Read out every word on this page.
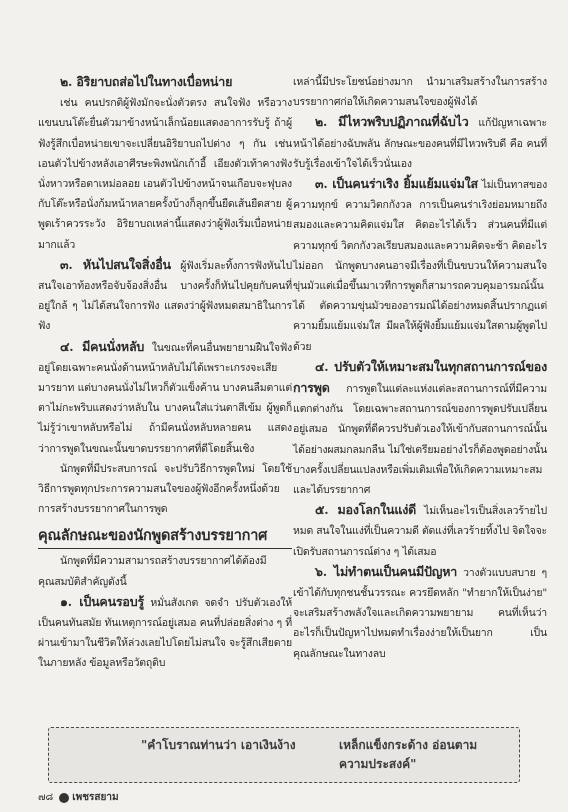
๒. อิริยาบถส่อไปในทางเบื่อหน่าย

เช่น คนปรกติผู้ฟังมักจะนั่งตัวตรง สนใจฟัง หรือวางแขนบนโต๊ะยื่นตัวมาข้างหน้าเล็กน้อยแสดงอาการรับรู้ ถ้าผู้ฟังรู้สึกเบื่อหน่ายเขาจะเปลี่ยนอิริยาบถไปต่าง ๆ กัน เช่น เอนตัวไปข้างหลังเอาศีรษะพิงพนักเก้าอี้ เอียงตัวเท้าคางฟัง นั่งหาวหรือตาเหม่อลอย เอนตัวไปข้างหน้าจนเกือบจะฟุบลงกับโต๊ะหรือนั่งก้มหน้าหลายครั้งบ้างก็ลุกขึ้นยืดเส้นยืดสาย ผู้พูดเร้าควรระวัง อิริยาบถเหล่านี้แสดงว่าผู้ฟังเริ่มเบื่อหน่ายมากแล้ว

๓. หันไปสนใจสิ่งอื่น ผู้ฟังเริ่มละทิ้งการฟังหันไปสนใจเอาท้องหรือจับจ้องสิ่งอื่น บางครั้งก็หันไปคุยกับคนที่อยู่ใกล้ ๆ ไม่ได้สนใจการฟัง แสดงว่าผู้ฟังหมดสมาธิในการฟัง

๔. มีคนนั่งหลับ ในขณะที่คนอื่นพยายามฝืนใจฟังอยู่โดยเฉพาะคนนั่งด้านหน้าหลับไม่ได้เพราะเกรงจะเสียมารยาท แต่บางคนนั่งไม่ไหวก็ตัวแข็งค้าน บางคนลืมตาแต่ตาไม่กะพริบแสดงว่าหลับใน บางคนใส่แว่นตาสีเข้ม ผู้พูดก็ไม่รู้ว่าเขาหลับหรือไม่ ถ้ามีคนนั่งหลับหลายคน แสดงว่าการพูดในขณะนั้นขาดบรรยากาศที่ดีโดยสิ้นเชิง

นักพูดที่มีประสบการณ์ จะปรับวิธีการพูดใหม่ โดยใช้วิธีการพูดทุกประการความสนใจของผู้ฟังอีกครั้งหนึ่งด้วยการสร้างบรรยากาศในการพูด

คุณลักษณะของนักพูดสร้างบรรยากาศ

นักพูดที่มีความสามารถสร้างบรรยากาศได้ต้องมีคุณสมบัติสำคัญดังนี้

๑. เป็นคนรอบรู้ หมั่นสังเกต จดจำ ปรับตัวเองให้เป็นคนทันสมัย ทันเหตุการณ์อยู่เสมอ คนที่ปล่อยสิ่งต่าง ๆ ที่ผ่านเข้ามาในชีวิตให้ล่วงเลยไปโดยไม่สนใจ จะรู้สึกเสียดายในภายหลัง ข้อมูลหรือวัตถุดิบ

เหล่านี้มีประโยชน์อย่างมาก นำมาเสริมสร้างในการสร้างบรรยากาศก่อให้เกิดความสนใจของผู้ฟังได้

๒. มีไหวพริบปฏิภาณที่ฉับไว แก้ปัญหาเฉพาะหน้าได้อย่างฉับพลัน ลักษณะของคนที่มีไหวพริบดี คือ คนที่รับรู้เรื่องเข้าใจได้เร็วนั่นเอง

๓. เป็นคนร่าเริง ยิ้มแย้มแจ่มใส ไม่เป็นทาสของความทุกข์ ความวิตกกังวล การเป็นคนร่าเริงย่อมหมายถึง สมองและความคิดแจ่มใส คิดอะไรได้เร็ว ส่วนคนที่มีแต่ความทุกข์ วิตกกังวลเรียบสมองและความคิดจะช้า คิดอะไรไม่ออก นักพูดบางคนอาจมีเรื่องที่เป็นขบวนให้ความสนใจขุ่นมัวแต่เมื่อขึ้นมาเวทีการพูดก็สามารถควบคุมอารมณ์นั้นได้ ตัดความขุ่นมัวของอารมณ์ได้อย่างหมดสิ้นปรากฏแต่ความยิ้มแย้มแจ่มใส มีผลให้ผู้ฟังยิ้มแย้มแจ่มใสตามผู้พูดไปด้วย

๔. ปรับตัวให้เหมาะสมในทุกสถานการณ์ของการพูด การพูดในแต่ละแห่งแต่ละสถานการณ์ที่มีความแตกต่างกัน โดยเฉพาะสถานการณ์ของการพูดปรับเปลี่ยนอยู่เสมอ นักพูดที่ดีควรปรับตัวเองให้เข้ากับสถานการณ์นั้นได้อย่างผสมกลมกลืน ไม่ใช่เตรียมอย่างไรก็ต้องพูดอย่างนั้นบางครั้งเปลี่ยนแปลงหรือเพิ่มเติมเพื่อให้เกิดความเหมาะสมและได้บรรยากาศ

๕. มองโลกในแง่ดี ไม่เห็นอะไรเป็นสิ่งเลวร้ายไปหมด สนใจในแง่ที่เป็นความดี ตัดแง่ที่เลวร้ายทิ้งไป จิตใจจะเปิดรับสถานการณ์ต่าง ๆ ได้เสมอ

๖. ไม่ทำตนเป็นคนมีปัญหา วางตัวแบบสบาย ๆ เข้าได้กับทุกชนชั้นวรรณะ ควรยึดหลัก "ทำยากให้เป็นง่าย" จะเสริมสร้างพลังใจและเกิดความพยายาม คนที่เห็นว่าอะไรก็เป็นปัญหาไปหมดทำเรื่องง่ายให้เป็นยาก เป็นคุณลักษณะในทางลบ

"คำโบราณท่านว่า เอาเงินง้าง	เหล็กแข็งกระด้าง อ่อนตามความประสงค์"
๗๘ เพชรสยาม
